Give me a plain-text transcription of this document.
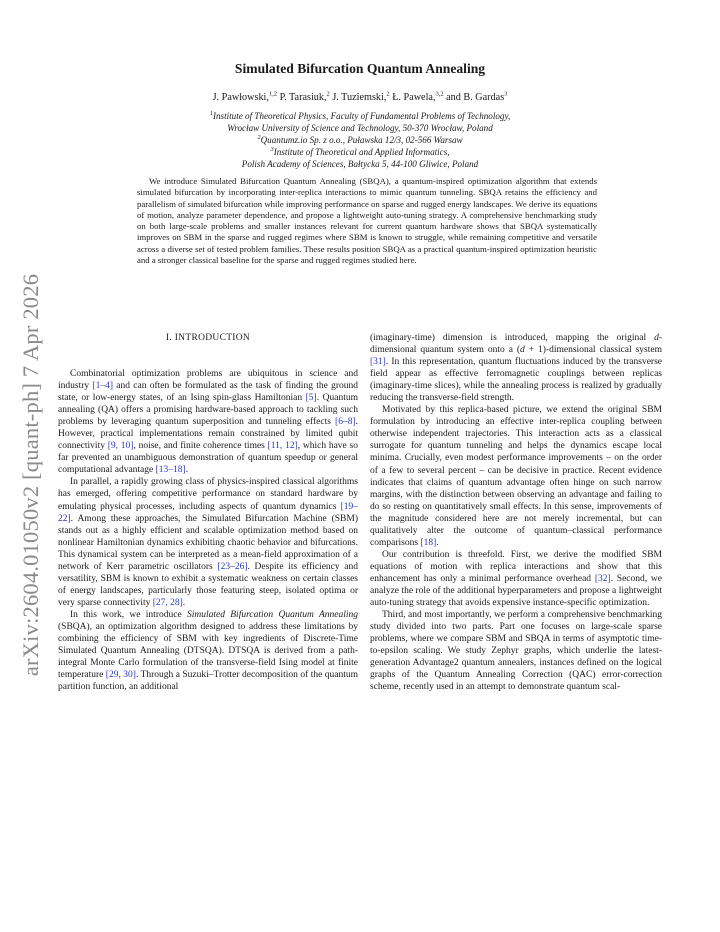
arXiv:2604.01050v2 [quant-ph] 7 Apr 2026
Simulated Bifurcation Quantum Annealing
J. Pawłowski,$^{1,2}$ P. Tarasiuk,$^2$ J. Tuziemski,$^2$ Ł. Pawela,$^{3,2}$ and B. Gardas$^3$
$^1$Institute of Theoretical Physics, Faculty of Fundamental Problems of Technology,
Wrocław University of Science and Technology, 50-370 Wrocław, Poland
$^2$Quantumz.io Sp. z o.o., Puławska 12/3, 02-566 Warsaw
$^3$Institute of Theoretical and Applied Informatics,
Polish Academy of Sciences, Bałtycka 5, 44-100 Gliwice, Poland
We introduce Simulated Bifurcation Quantum Annealing (SBQA), a quantum-inspired optimization algorithm that extends simulated bifurcation by incorporating inter-replica interactions to mimic quantum tunneling. SBQA retains the efficiency and parallelism of simulated bifurcation while improving performance on sparse and rugged energy landscapes. We derive its equations of motion, analyze parameter dependence, and propose a lightweight auto-tuning strategy. A comprehensive benchmarking study on both large-scale problems and smaller instances relevant for current quantum hardware shows that SBQA systematically improves on SBM in the sparse and rugged regimes where SBM is known to struggle, while remaining competitive and versatile across a diverse set of tested problem families. These results position SBQA as a practical quantum-inspired optimization heuristic and a stronger classical baseline for the sparse and rugged regimes studied here.
I. INTRODUCTION

Combinatorial optimization problems are ubiquitous in science and industry [1–4] and can often be formulated as the task of finding the ground state, or low-energy states, of an Ising spin-glass Hamiltonian [5]. Quantum annealing (QA) offers a promising hardware-based approach to tackling such problems by leveraging quantum superposition and tunneling effects [6–8]. However, practical implementations remain constrained by limited qubit connectivity [9, 10], noise, and finite coherence times [11, 12], which have so far prevented an unambiguous demonstration of quantum speedup or general computational advantage [13–18].

In parallel, a rapidly growing class of physics-inspired classical algorithms has emerged, offering competitive performance on standard hardware by emulating physical processes, including aspects of quantum dynamics [19–22]. Among these approaches, the Simulated Bifurcation Machine (SBM) stands out as a highly efficient and scalable optimization method based on nonlinear Hamiltonian dynamics exhibiting chaotic behavior and bifurcations. This dynamical system can be interpreted as a mean-field approximation of a network of Kerr parametric oscillators [23–26]. Despite its efficiency and versatility, SBM is known to exhibit a systematic weakness on certain classes of energy landscapes, particularly those featuring steep, isolated optima or very sparse connectivity [27, 28].

In this work, we introduce Simulated Bifurcation Quantum Annealing (SBQA), an optimization algorithm designed to address these limitations by combining the efficiency of SBM with key ingredients of Discrete-Time Simulated Quantum Annealing (DTSQA). DTSQA is derived from a path-integral Monte Carlo formulation of the transverse-field Ising model at finite temperature [29, 30]. Through a Suzuki–Trotter decomposition of the quantum partition function, an additional

(imaginary-time) dimension is introduced, mapping the original d-dimensional quantum system onto a (d + 1)-dimensional classical system [31]. In this representation, quantum fluctuations induced by the transverse field appear as effective ferromagnetic couplings between replicas (imaginary-time slices), while the annealing process is realized by gradually reducing the transverse-field strength.

Motivated by this replica-based picture, we extend the original SBM formulation by introducing an effective inter-replica coupling between otherwise independent trajectories. This interaction acts as a classical surrogate for quantum tunneling and helps the dynamics escape local minima. Crucially, even modest performance improvements – on the order of a few to several percent – can be decisive in practice. Recent evidence indicates that claims of quantum advantage often hinge on such narrow margins, with the distinction between observing an advantage and failing to do so resting on quantitatively small effects. In this sense, improvements of the magnitude considered here are not merely incremental, but can qualitatively alter the outcome of quantum–classical performance comparisons [18].

Our contribution is threefold. First, we derive the modified SBM equations of motion with replica interactions and show that this enhancement has only a minimal performance overhead [32]. Second, we analyze the role of the additional hyperparameters and propose a lightweight auto-tuning strategy that avoids expensive instance-specific optimization.

Third, and most importantly, we perform a comprehensive benchmarking study divided into two parts. Part one focuses on large-scale sparse problems, where we compare SBM and SBQA in terms of asymptotic time-to-epsilon scaling. We study Zephyr graphs, which underlie the latest-generation Advantage2 quantum annealers, instances defined on the logical graphs of the Quantum Annealing Correction (QAC) error-correction scheme, recently used in an attempt to demonstrate quantum scal-
